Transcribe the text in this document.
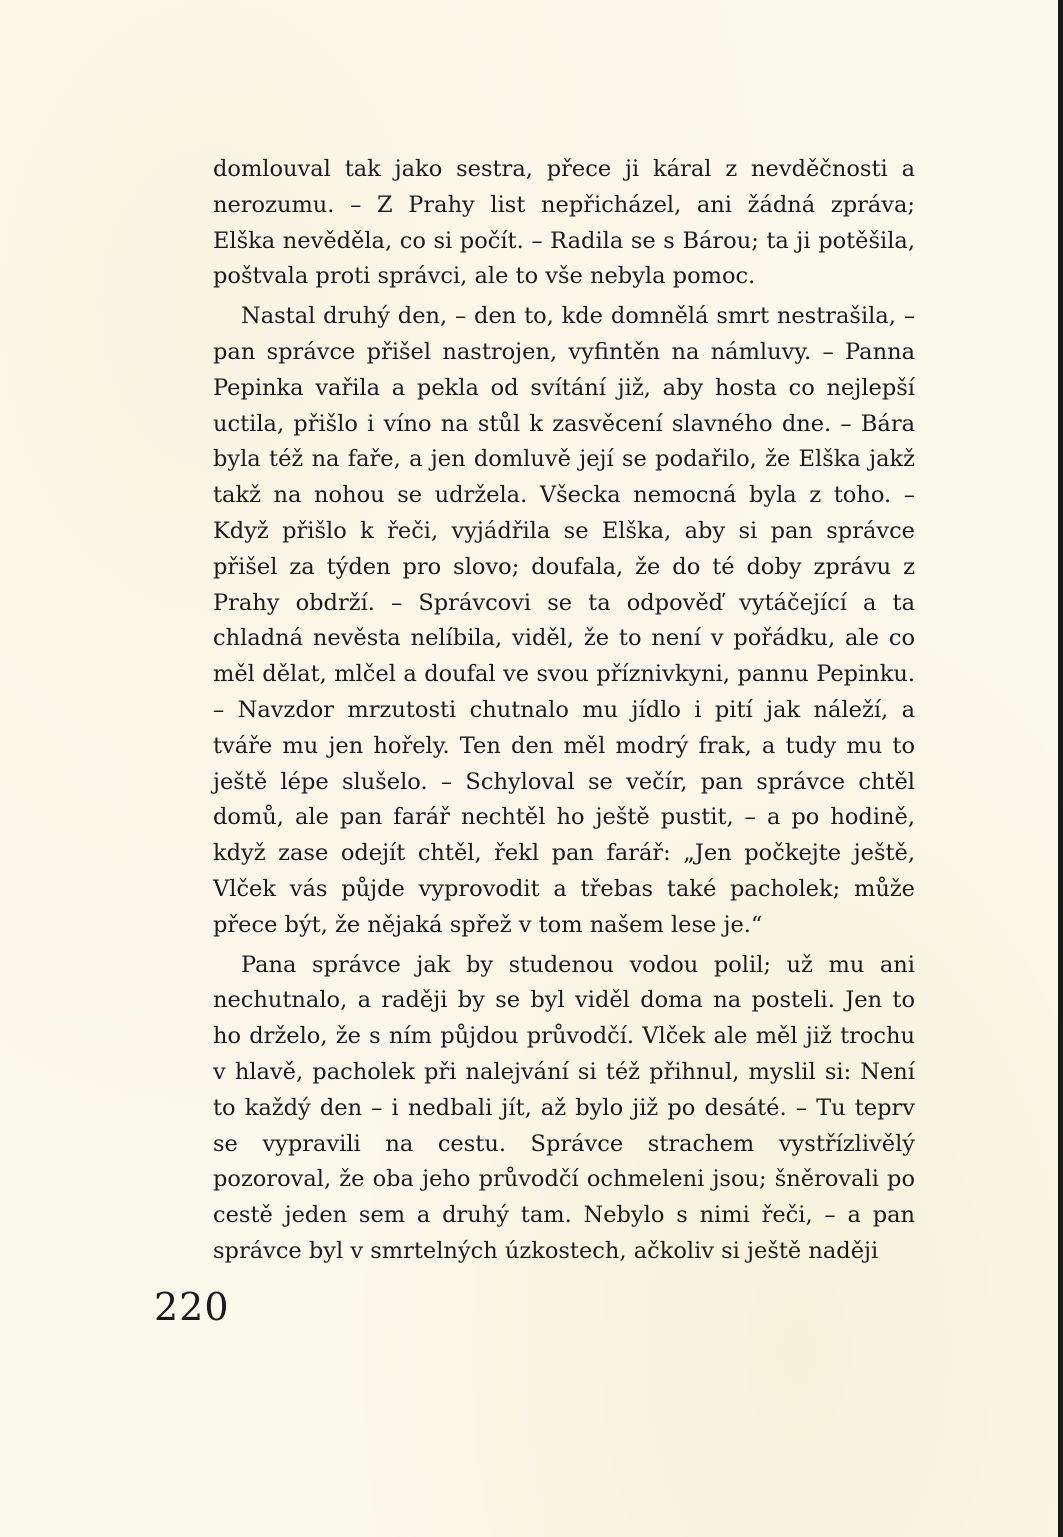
domlouval tak jako sestra, přece ji káral z nevděčnosti a nerozumu. – Z Prahy list nepřicházel, ani žádná zpráva; Elška nevěděla, co si počít. – Radila se s Bárou; ta ji potěšila, poštvala proti správci, ale to vše nebyla pomoc.

Nastal druhý den, – den to, kde domnělá smrt nestrašila, – pan správce přišel nastrojen, vyfintěn na námluvy. – Panna Pepinka vařila a pekla od svítání již, aby hosta co nejlepší uctila, přišlo i víno na stůl k zasvěcení slavného dne. – Bára byla též na faře, a jen domluvě její se podařilo, že Elška jakž takž na nohou se udržela. Všecka nemocná byla z toho. – Když přišlo k řeči, vyjádřila se Elška, aby si pan správce přišel za týden pro slovo; doufala, že do té doby zprávu z Prahy obdrží. – Správcovi se ta odpověď vytáčející a ta chladná nevěsta nelíbila, viděl, že to není v pořádku, ale co měl dělat, mlčel a doufal ve svou příznivkyni, pannu Pepinku. – Navzdor mrzutosti chutnalo mu jídlo i pití jak náleží, a tváře mu jen hořely. Ten den měl modrý frak, a tudy mu to ještě lépe slušelo. – Schyloval se večír, pan správce chtěl domů, ale pan farář nechtěl ho ještě pustit, – a po hodině, když zase odejít chtěl, řekl pan farář: „Jen počkejte ještě, Vlček vás půjde vyprovodit a třebas také pacholek; může přece být, že nějaká spřež v tom našem lese je.“

Pana správce jak by studenou vodou polil; už mu ani nechutnalo, a raději by se byl viděl doma na posteli. Jen to ho drželo, že s ním půjdou průvodčí. Vlček ale měl již trochu v hlavě, pacholek při nalejvání si též přihnul, myslil si: Není to každý den – i nedbali jít, až bylo již po desáté. – Tu teprv se vypravili na cestu. Správce strachem vystřízlivělý pozoroval, že oba jeho průvodčí ochmeleni jsou; šněrovali po cestě jeden sem a druhý tam. Nebylo s nimi řeči, – a pan správce byl v smrtelných úzkostech, ačkoliv si ještě naději

220
